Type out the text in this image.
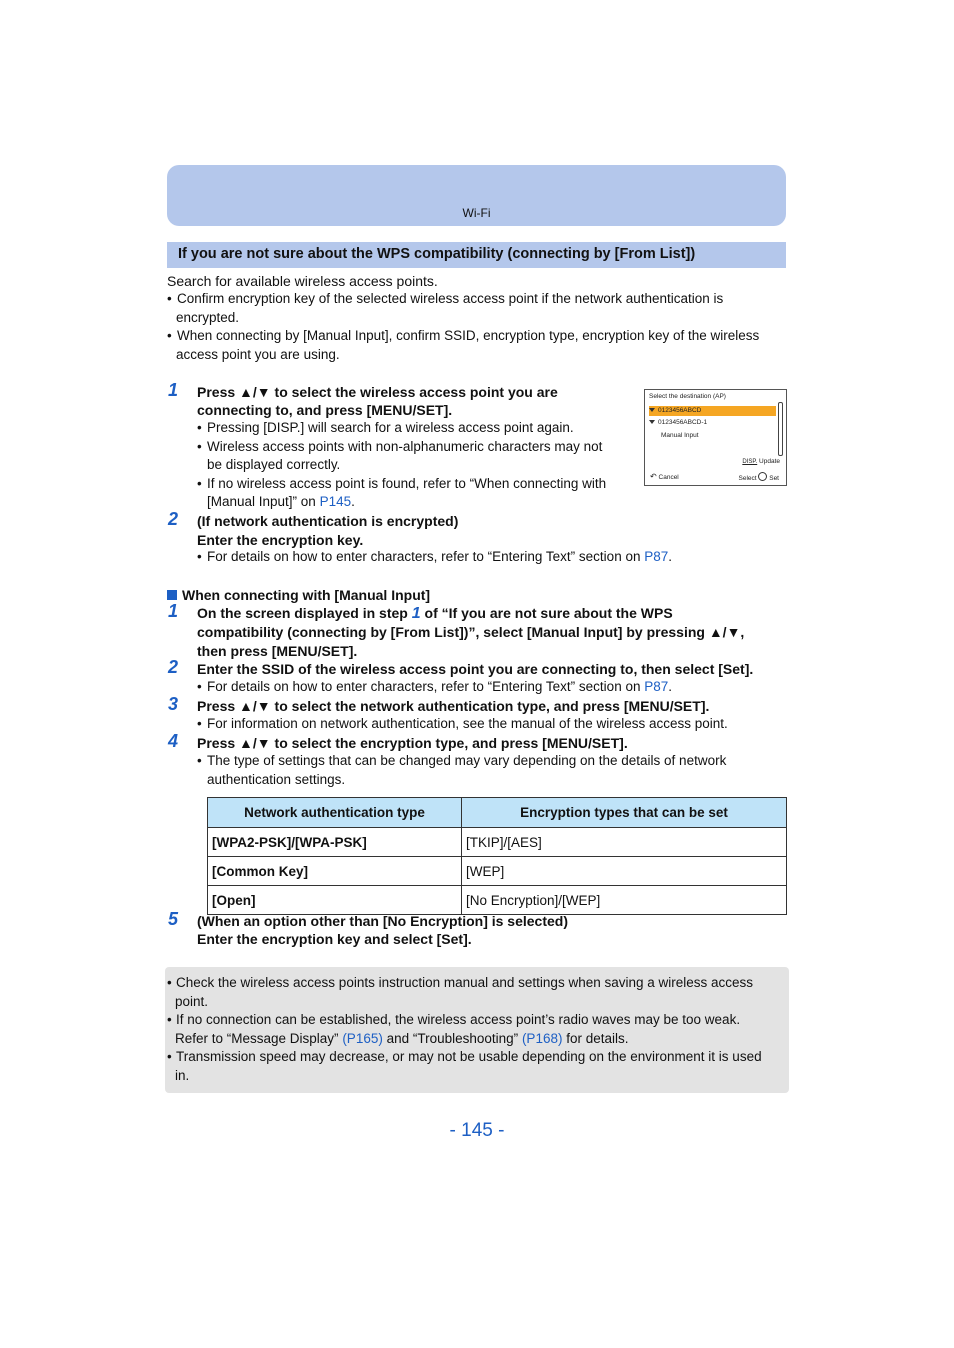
Wi-Fi
If you are not sure about the WPS compatibility (connecting by [From List])
Search for available wireless access points.
• Confirm encryption key of the selected wireless access point if the network authentication is
encrypted.
• When connecting by [Manual Input], confirm SSID, encryption type, encryption key of the wireless
access point you are using.
1 Press ▲/▼ to select the wireless access point you are
connecting to, and press [MENU/SET].
• Pressing [DISP.] will search for a wireless access point again.
• Wireless access points with non-alphanumeric characters may not
be displayed correctly.
• If no wireless access point is found, refer to “When connecting with
[Manual Input]” on P145.
Select the destination (AP)
0123456ABCD
0123456ABCD-1
Manual Input
DISP. Update
↶ Cancel	Select Set
2 (If network authentication is encrypted)
Enter the encryption key.
• For details on how to enter characters, refer to “Entering Text” section on P87.
When connecting with [Manual Input]
1 On the screen displayed in step 1 of “If you are not sure about the WPS
compatibility (connecting by [From List])”, select [Manual Input] by pressing ▲/▼,
then press [MENU/SET].
2 Enter the SSID of the wireless access point you are connecting to, then select [Set].
• For details on how to enter characters, refer to “Entering Text” section on P87.
3 Press ▲/▼ to select the network authentication type, and press [MENU/SET].
• For information on network authentication, see the manual of the wireless access point.
4 Press ▲/▼ to select the encryption type, and press [MENU/SET].
• The type of settings that can be changed may vary depending on the details of network
authentication settings.
Network authentication type	Encryption types that can be set
[WPA2-PSK]/[WPA-PSK]	[TKIP]/[AES]
[Common Key]	[WEP]
[Open]	[No Encryption]/[WEP]
5 (When an option other than [No Encryption] is selected)
Enter the encryption key and select [Set].
• Check the wireless access points instruction manual and settings when saving a wireless access
point.
• If no connection can be established, the wireless access point’s radio waves may be too weak.
Refer to “Message Display” (P165) and “Troubleshooting” (P168) for details.
• Transmission speed may decrease, or may not be usable depending on the environment it is used
in.
- 145 -
